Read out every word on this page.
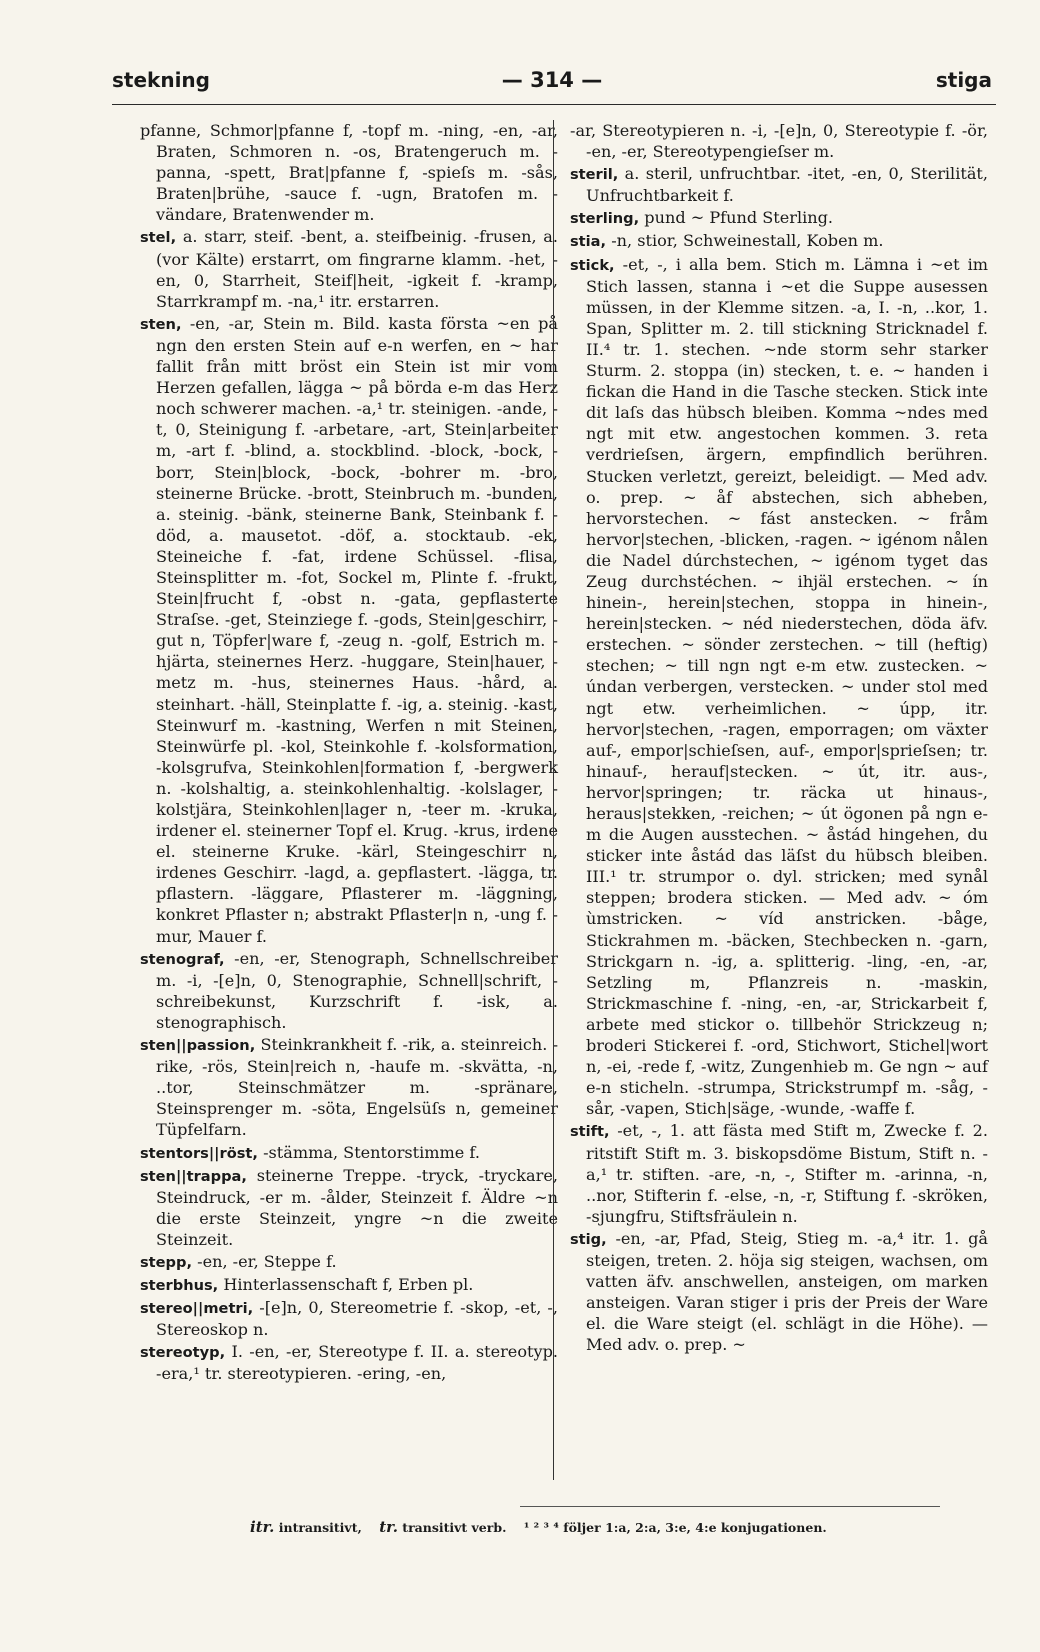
stekning	— 314 —	stiga

pfanne, Schmor|pfanne f, -topf m. -ning, -en, -ar, Braten, Schmoren n. -os, Bratengeruch m. -panna, -spett, Brat|pfanne f, -spieſs m. -sås, Braten|brühe, -sauce f. -ugn, Bratofen m. -vändare, Bratenwender m.

stel, a. starr, steif. -bent, a. steifbeinig. -frusen, a. (vor Kälte) erstarrt, om fingrarne klamm. -het, -en, 0, Starrheit, Steif|heit, -igkeit f. -kramp, Starrkrampf m. -na,¹ itr. erstarren.

sten, -en, -ar, Stein m. Bild. kasta första ~en på ngn den ersten Stein auf e-n werfen, en ~ har fallit från mitt bröst ein Stein ist mir vom Herzen gefallen, lägga ~ på börda e-m das Herz noch schwerer machen. -a,¹ tr. steinigen. -ande, -t, 0, Steinigung f. -arbetare, -art, Stein|arbeiter m, -art f. -blind, a. stockblind. -block, -bock, -borr, Stein|block, -bock, -bohrer m. -bro, steinerne Brücke. -brott, Steinbruch m. -bunden, a. steinig. -bänk, steinerne Bank, Steinbank f. -död, a. mausetot. -döf, a. stocktaub. -ek, Steineiche f. -fat, irdene Schüssel. -flisa, Steinsplitter m. -fot, Sockel m, Plinte f. -frukt, Stein|frucht f, -obst n. -gata, gepflasterte Straſse. -get, Steinziege f. -gods, Stein|geschirr, -gut n, Töpfer|ware f, -zeug n. -golf, Estrich m. -hjärta, steinernes Herz. -huggare, Stein|hauer, -metz m. -hus, steinernes Haus. -hård, a. steinhart. -häll, Steinplatte f. -ig, a. steinig. -kast, Steinwurf m. -kastning, Werfen n mit Steinen, Steinwürfe pl. -kol, Steinkohle f. -kolsformation, -kolsgrufva, Steinkohlen|formation f, -bergwerk n. -kolshaltig, a. steinkohlenhaltig. -kolslager, -kolstjära, Steinkohlen|lager n, -teer m. -kruka, irdener el. steinerner Topf el. Krug. -krus, irdene el. steinerne Kruke. -kärl, Steingeschirr n, irdenes Geschirr. -lagd, a. gepflastert. -lägga, tr. pflastern. -läggare, Pflasterer m. -läggning, konkret Pflaster n; abstrakt Pflaster|n n, -ung f. -mur, Mauer f.

stenograf, -en, -er, Stenograph, Schnellschreiber m. -i, -[e]n, 0, Stenographie, Schnell|schrift, -schreibekunst, Kurzschrift f. -isk, a. stenographisch.

sten||passion, Steinkrankheit f. -rik, a. steinreich. -rike, -rös, Stein|reich n, -haufe m. -skvätta, -n, ..tor, Steinschmätzer m. -spränare, Steinsprenger m. -söta, Engelsüſs n, gemeiner Tüpfelfarn.

stentors||röst, -stämma, Stentorstimme f.

sten||trappa, steinerne Treppe. -tryck, -tryckare, Steindruck, -er m. -ålder, Steinzeit f. Äldre ~n die erste Steinzeit, yngre ~n die zweite Steinzeit.

stepp, -en, -er, Steppe f.

sterbhus, Hinterlassenschaft f, Erben pl.

stereo||metri, -[e]n, 0, Stereometrie f. -skop, -et, -, Stereoskop n.

stereotyp, I. -en, -er, Stereotype f. II. a. stereotyp. -era,¹ tr. stereotypieren. -ering, -en,

-ar, Stereotypieren n. -i, -[e]n, 0, Stereotypie f. -ör, -en, -er, Stereotypengieſser m.

steril, a. steril, unfruchtbar. -itet, -en, 0, Sterilität, Unfruchtbarkeit f.

sterling, pund ~ Pfund Sterling.

stia, -n, stior, Schweinestall, Koben m.

stick, -et, -, i alla bem. Stich m. Lämna i ~et im Stich lassen, stanna i ~et die Suppe ausessen müssen, in der Klemme sitzen. -a, I. -n, ..kor, 1. Span, Splitter m. 2. till stickning Stricknadel f. II.⁴ tr. 1. stechen. ~nde storm sehr starker Sturm. 2. stoppa (in) stecken, t. e. ~ handen i fickan die Hand in die Tasche stecken. Stick inte dit laſs das hübsch bleiben. Komma ~ndes med ngt mit etw. angestochen kommen. 3. reta verdrieſsen, ärgern, empfindlich berühren. Stucken verletzt, gereizt, beleidigt. — Med adv. o. prep. ~ åf abstechen, sich abheben, hervorstechen. ~ fást anstecken. ~ fråm hervor|stechen, -blicken, -ragen. ~ igénom nålen die Nadel dúrchstechen, ~ igénom tyget das Zeug durchstéchen. ~ ihjäl erstechen. ~ ín hinein-, herein|stechen, stoppa in hinein-, herein|stecken. ~ néd niederstechen, döda äfv. erstechen. ~ sönder zerstechen. ~ till (heftig) stechen; ~ till ngn ngt e-m etw. zustecken. ~ úndan verbergen, verstecken. ~ under stol med ngt etw. verheimlichen. ~ úpp, itr. hervor|stechen, -ragen, emporragen; om växter auf-, empor|schieſsen, auf-, empor|sprieſsen; tr. hinauf-, herauf|stecken. ~ út, itr. aus-, hervor|springen; tr. räcka ut hinaus-, heraus|stekken, -reichen; ~ út ögonen på ngn e-m die Augen ausstechen. ~ åstád hingehen, du sticker inte åstád das läſst du hübsch bleiben. III.¹ tr. strumpor o. dyl. stricken; med synål steppen; brodera sticken. — Med adv. ~ óm ùmstricken. ~ víd anstricken. -båge, Stickrahmen m. -bäcken, Stechbecken n. -garn, Strickgarn n. -ig, a. splitterig. -ling, -en, -ar, Setzling m, Pflanzreis n. -maskin, Strickmaschine f. -ning, -en, -ar, Strickarbeit f, arbete med stickor o. tillbehör Strickzeug n; broderi Stickerei f. -ord, Stichwort, Stichel|wort n, -ei, -rede f, -witz, Zungenhieb m. Ge ngn ~ auf e-n sticheln. -strumpa, Strickstrumpf m. -såg, -sår, -vapen, Stich|säge, -wunde, -waffe f.

stift, -et, -, 1. att fästa med Stift m, Zwecke f. 2. ritstift Stift m. 3. biskopsdöme Bistum, Stift n. -a,¹ tr. stiften. -are, -n, -, Stifter m. -arinna, -n, ..nor, Stifterin f. -else, -n, -r, Stiftung f. -skröken, -sjungfru, Stiftsfräulein n.

stig, -en, -ar, Pfad, Steig, Stieg m. -a,⁴ itr. 1. gå steigen, treten. 2. höja sig steigen, wachsen, om vatten äfv. anschwellen, ansteigen, om marken ansteigen. Varan stiger i pris der Preis der Ware el. die Ware steigt (el. schlägt in die Höhe). — Med adv. o. prep. ~

itr. intransitivt, tr. transitivt verb. ¹ ² ³ ⁴ följer 1:a, 2:a, 3:e, 4:e konjugationen.
